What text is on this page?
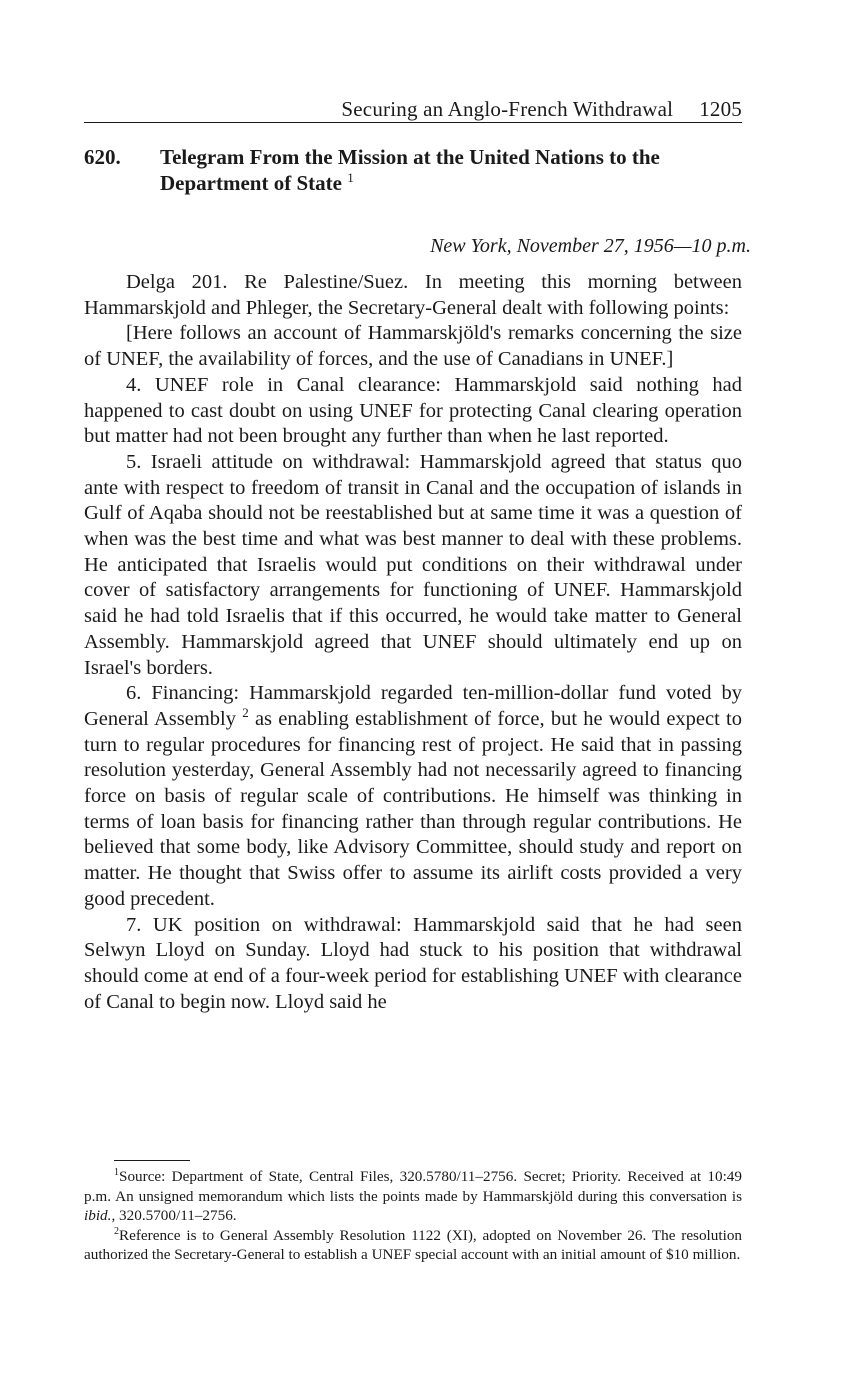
Securing an Anglo-French Withdrawal 1205
620. Telegram From the Mission at the United Nations to the Department of State $^1$
New York, November 27, 1956—10 p.m.

Delga 201. Re Palestine/Suez. In meeting this morning between Hammarskjold and Phleger, the Secretary-General dealt with following points:

[Here follows an account of Hammarskjöld's remarks concerning the size of UNEF, the availability of forces, and the use of Canadians in UNEF.]

4. UNEF role in Canal clearance: Hammarskjold said nothing had happened to cast doubt on using UNEF for protecting Canal clearing operation but matter had not been brought any further than when he last reported.

5. Israeli attitude on withdrawal: Hammarskjold agreed that status quo ante with respect to freedom of transit in Canal and the occupation of islands in Gulf of Aqaba should not be reestablished but at same time it was a question of when was the best time and what was best manner to deal with these problems. He anticipated that Israelis would put conditions on their withdrawal under cover of satisfactory arrangements for functioning of UNEF. Hammarskjold said he had told Israelis that if this occurred, he would take matter to General Assembly. Hammarskjold agreed that UNEF should ultimately end up on Israel's borders.

6. Financing: Hammarskjold regarded ten-million-dollar fund voted by General Assembly $^2$ as enabling establishment of force, but he would expect to turn to regular procedures for financing rest of project. He said that in passing resolution yesterday, General Assembly had not necessarily agreed to financing force on basis of regular scale of contributions. He himself was thinking in terms of loan basis for financing rather than through regular contributions. He believed that some body, like Advisory Committee, should study and report on matter. He thought that Swiss offer to assume its airlift costs provided a very good precedent.

7. UK position on withdrawal: Hammarskjold said that he had seen Selwyn Lloyd on Sunday. Lloyd had stuck to his position that withdrawal should come at end of a four-week period for establishing UNEF with clearance of Canal to begin now. Lloyd said he

$^1$Source: Department of State, Central Files, 320.5780/11–2756. Secret; Priority. Received at 10:49 p.m. An unsigned memorandum which lists the points made by Hammarskjöld during this conversation is ibid., 320.5700/11–2756.

$^2$Reference is to General Assembly Resolution 1122 (XI), adopted on November 26. The resolution authorized the Secretary-General to establish a UNEF special account with an initial amount of $10 million.
